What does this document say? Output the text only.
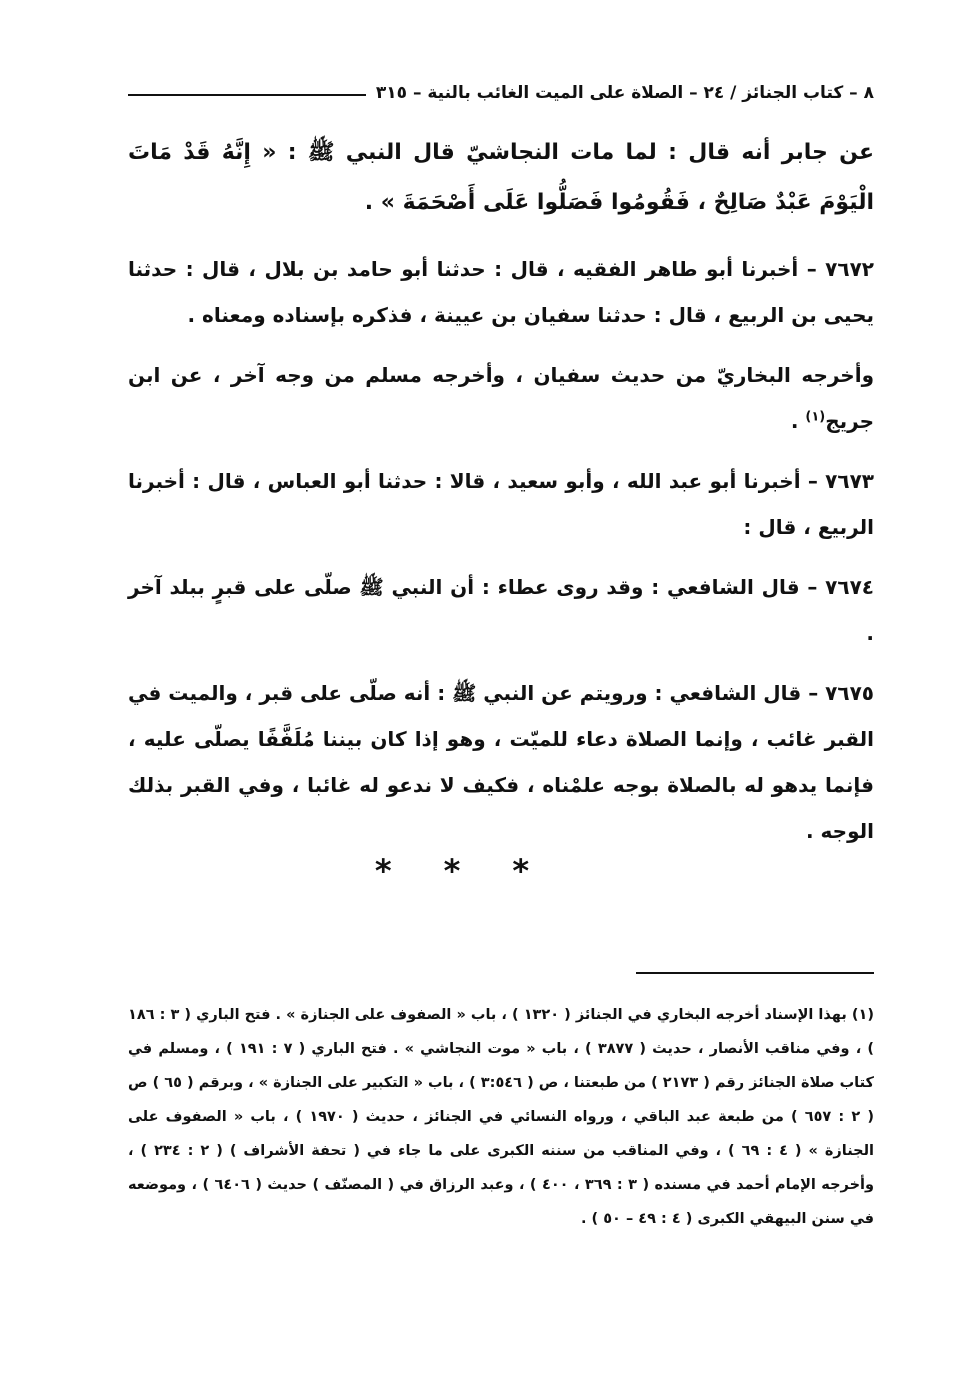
٨ – كتاب الجنائز / ٢٤ – الصلاة على الميت الغائب بالنية – ٣١٥

عن جابر أنه قال : لما مات النجاشيّ قال النبي ﷺ : « إِنَّهُ قَدْ مَاتَ الْيَوْمَ عَبْدٌ صَالِحٌ ، فَقُومُوا فَصَلُّوا عَلَى أَصْحَمَةَ » .

٧٦٧٢ – أخبرنا أبو طاهر الفقيه ، قال : حدثنا أبو حامد بن بلال ، قال : حدثنا يحيى بن الربيع ، قال : حدثنا سفيان بن عيينة ، فذكره بإسناده ومعناه .

وأخرجه البخاريّ من حديث سفيان ، وأخرجه مسلم من وجه آخر ، عن ابن جريج$^{(١)}$ .

٧٦٧٣ – أخبرنا أبو عبد الله ، وأبو سعيد ، قالا : حدثنا أبو العباس ، قال : أخبرنا الربيع ، قال :

٧٦٧٤ – قال الشافعي : وقد روى عطاء : أن النبي ﷺ صلّى على قبرٍ ببلد آخر .

٧٦٧٥ – قال الشافعي : ورويتم عن النبي ﷺ : أنه صلّى على قبر ، والميت في القبر غائب ، وإنما الصلاة دعاء للميّت ، وهو إذا كان بيننا مُلَفَّفًا يصلّى عليه ، فإنما يدهو له بالصلاة بوجه علمْناه ، فكيف لا ندعو له غائبا ، وفي القبر بذلك الوجه .

***
(١) بهذا الإسناد أخرجه البخاري في الجنائز ( ١٣٢٠ ) ، باب « الصفوف على الجنازة » . فتح الباري ( ٣ : ١٨٦ ) ، وفي مناقب الأنصار ، حديث ( ٣٨٧٧ ) ، باب « موت النجاشي » . فتح الباري ( ٧ : ١٩١ ) ، ومسلم في كتاب صلاة الجنائز رقم ( ٢١٧٣ ) من طبعتنا ، ص ( ٣:٥٤٦ ) ، باب « التكبير على الجنازة » ، وبرقم ( ٦٥ ) ص ( ٢ : ٦٥٧ ) من طبعة عبد الباقي ، ورواه النسائي في الجنائز ، حديث ( ١٩٧٠ ) ، باب « الصفوف على الجنازة » ( ٤ : ٦٩ ) ، وفي المناقب من سننه الكبرى على ما جاء في ( تحفة الأشراف ) ( ٢ : ٢٣٤ ) ، وأخرجه الإمام أحمد في مسنده ( ٣ : ٣٦٩ ، ٤٠٠ ) ، وعبد الرزاق في ( المصنّف ) حديث ( ٦٤٠٦ ) ، وموضعه في سنن البيهقي الكبرى ( ٤ : ٤٩ – ٥٠ ) .
